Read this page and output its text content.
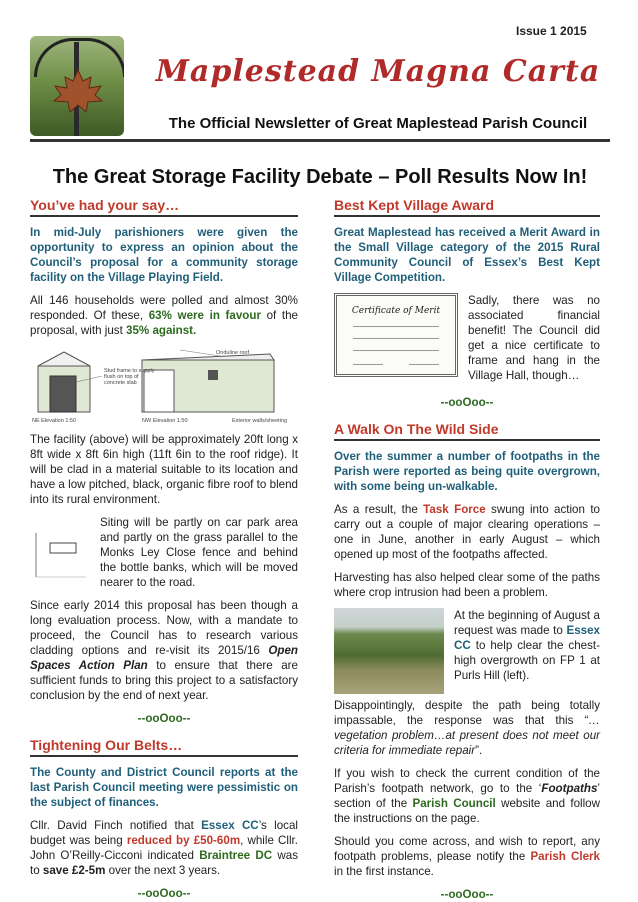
Issue 1 2015
Maplestead Magna Carta
The Official Newsletter of Great Maplestead Parish Council
The Great Storage Facility Debate – Poll Results Now In!
You’ve had your say…

In mid-July parishioners were given the opportunity to express an opinion about the Council’s proposal for a community storage facility on the Village Playing Field.

All 146 households were polled and almost 30% responded. Of these, 63% were in favour of the proposal, with just 35% against.

Stud frame to supply flush on top of concrete slab
Onduline roof
NE Elevation 1:50	NW Elevation 1:50	Exterior walls/sheeting

The facility (above) will be approximately 20ft long x 8ft wide x 8ft 6in high (11ft 6in to the roof ridge). It will be clad in a material suitable to its location and have a low pitched, black, organic fibre roof to blend into its rural environment.

Siting will be partly on car park area and partly on the grass parallel to the Monks Ley Close fence and behind the bottle banks, which will be moved nearer to the road.

Since early 2014 this proposal has been though a long evaluation process. Now, with a mandate to proceed, the Council has to research various cladding options and re-visit its 2015/16 Open Spaces Action Plan to ensure that there are sufficient funds to bring this project to a satisfactory conclusion by the end of next year.

--ooOoo--
Tightening Our Belts…

The County and District Council reports at the last Parish Council meeting were pessimistic on the subject of finances.

Cllr. David Finch notified that Essex CC’s local budget was being reduced by £50-60m, while Cllr. John O’Reilly-Cicconi indicated Braintree DC was to save £2-5m over the next 3 years.

--ooOoo--
Best Kept Village Award

Great Maplestead has received a Merit Award in the Small Village category of the 2015 Rural Community Council of Essex’s Best Kept Village Competition.

Certificate of Merit

Sadly, there was no associated financial benefit! The Council did get a nice certificate to frame and hang in the Village Hall, though…

--ooOoo--
A Walk On The Wild Side

Over the summer a number of footpaths in the Parish were reported as being quite overgrown, with some being un-walkable.

As a result, the Task Force swung into action to carry out a couple of major clearing operations – one in June, another in early August – which opened up most of the footpaths affected.

Harvesting has also helped clear some of the paths where crop intrusion had been a problem.

At the beginning of August a request was made to Essex CC to help clear the chest-high overgrowth on FP 1 at Purls Hill (left).

Disappointingly, despite the path being totally impassable, the response was that this “…vegetation problem…at present does not meet our criteria for immediate repair”.

If you wish to check the current condition of the Parish’s footpath network, go to the ‘Footpaths’ section of the Parish Council website and follow the instructions on the page.

Should you come across, and wish to report, any footpath problems, please notify the Parish Clerk in the first instance.

--ooOoo--
